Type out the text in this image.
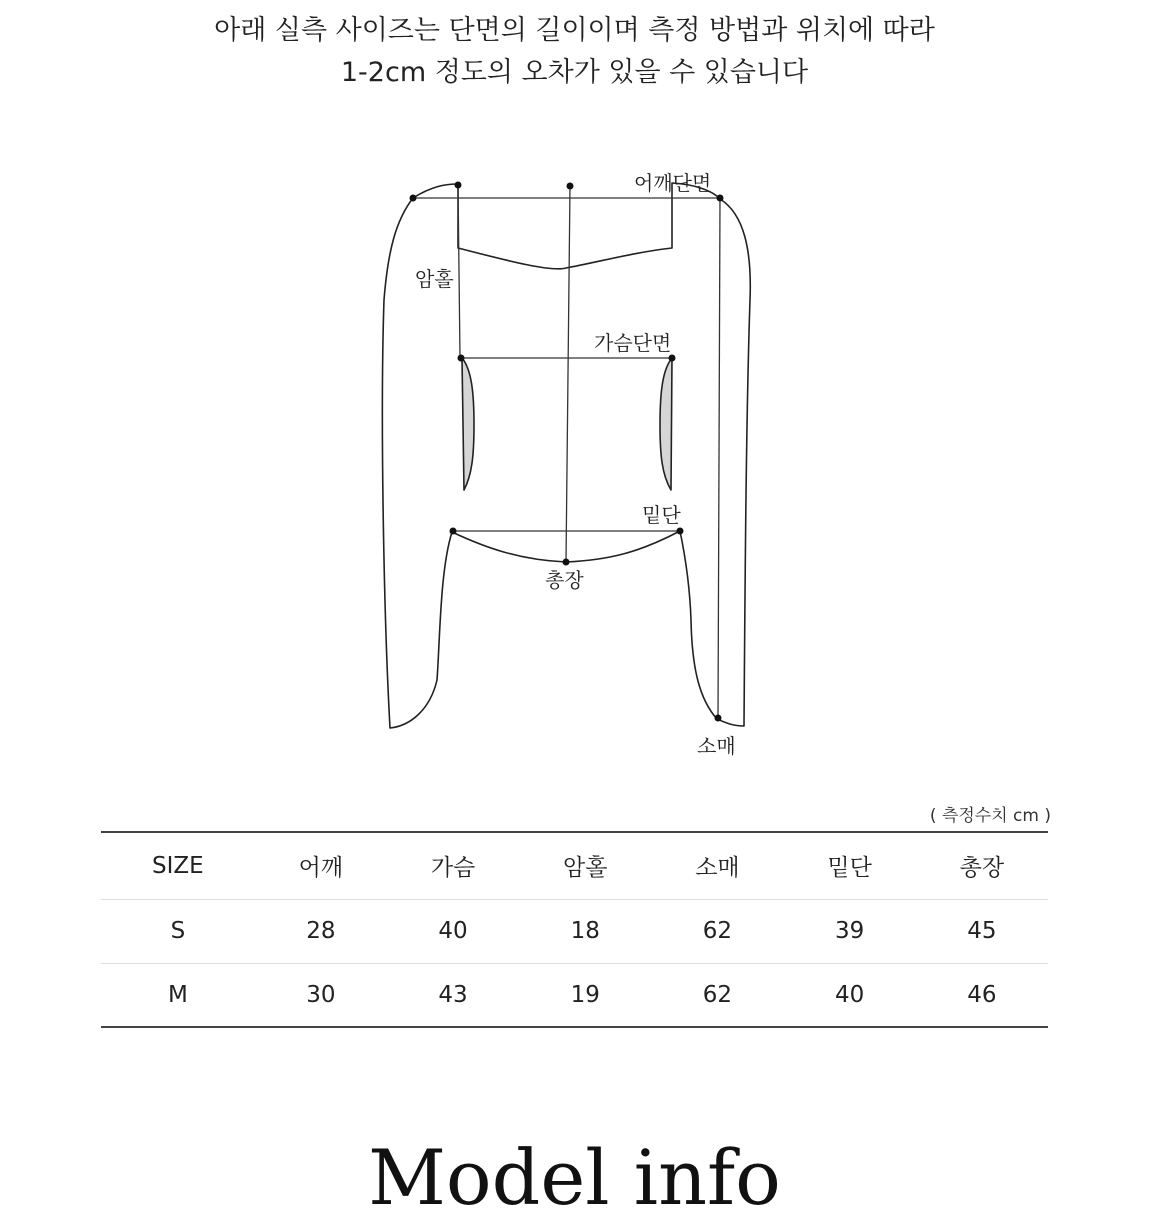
아래 실측 사이즈는 단면의 길이이며 측정 방법과 위치에 따라
1-2cm 정도의 오차가 있을 수 있습니다
어깨단면
암홀
가슴단면
밑단
총장
소매
( 측정수치 cm )
SIZE	어깨	가슴	암홀	소매	밑단	총장
S	28	40	18	62	39	45
M	30	43	19	62	40	46
Model info
